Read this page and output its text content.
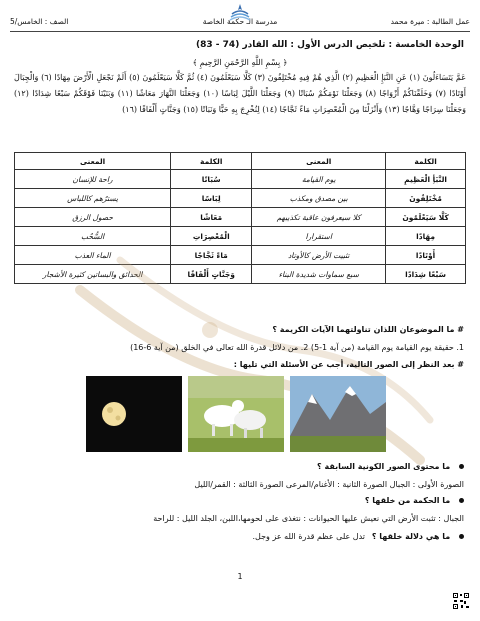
عمل الطالبة : ميرة محمد
مدرسة الـ حكمة الخاصة
الصف : الخامس/5
الوحدة الخامسة : تلخيص الدرس الأول : الله القادر (74 - 83)
﴿ بِسْمِ اللَّهِ الرَّحْمَنِ الرَّحِيمِ ﴾
عَمَّ يَتَسَاءَلُونَ (١) عَنِ النَّبَإِ الْعَظِيمِ (٢) الَّذِي هُمْ فِيهِ مُخْتَلِفُونَ (٣) كَلَّا سَيَعْلَمُونَ (٤) ثُمَّ كَلَّا سَيَعْلَمُونَ (٥) أَلَمْ نَجْعَلِ الْأَرْضَ مِهَادًا (٦) وَالْجِبَالَ أَوْتَادًا (٧) وَخَلَقْنَاكُمْ أَزْوَاجًا (٨) وَجَعَلْنَا نَوْمَكُمْ سُبَاتًا (٩) وَجَعَلْنَا اللَّيْلَ لِبَاسًا (١٠) وَجَعَلْنَا النَّهَارَ مَعَاشًا (١١) وَبَنَيْنَا فَوْقَكُمْ سَبْعًا شِدَادًا (١٢) وَجَعَلْنَا سِرَاجًا وَهَّاجًا (١٣) وَأَنْزَلْنَا مِنَ الْمُعْصِرَاتِ مَاءً ثَجَّاجًا (١٤) لِنُخْرِجَ بِهِ حَبًّا وَنَبَاتًا (١٥) وَجَنَّاتٍ أَلْفَافًا (١٦)
الكلمة	المعنى	الكلمة	المعنى
النَّبَأِ الْعَظِيمِ	يوم القيامة	سُبَاتًا	راحة للإنسان
مُخْتَلِفُونَ	بين مصدق ومكذب	لِبَاسًا	يسترُهم كاللباس
كَلَّا سَيَعْلَمُونَ	كلا سيعرفون عاقبة تكذيبهم	مَعَاشًا	حصول الرزق
مِهَادًا	استقرارا	الْمُعْصِرَاتِ	السُّحُب
أَوْتَادًا	تثبيت الأرض كالأوتاد	مَاءً ثَجَّاجًا	الماء العذب
سَبْعًا شِدَادًا	سبع سماوات شديدة البناء	وَجَنَّاتٍ أَلْفَافًا	الحدائق والبساتين كثيرة الأشجار
# ما الموضوعان اللذان تناولتهما الآيات الكريمة ؟
1. حقيقة يوم القيامة يوم القيامة (من آية 1-5) 2. من دلائل قدرة الله تعالى في الخلق (من آية 6-16)
# بعد النظر إلى الصور التالية، أجب عن الأسئلة التي تليها :
ما محتوى الصور الكونية السابقة ؟
الصورة الأولى : الجبال الصورة الثانية : الأغنام/المرعى الصورة الثالثة : القمر/الليل
ما الحكمة من خلقها ؟
الجبال : تثبت الأرض التي نعيش عليها الحيوانات : نتغذى على لحومها،اللبن، الجلد الليل : للراحة
ما هي دلالة خلقها ؟ تدل على عظم قدرة الله عز وجل.
1
